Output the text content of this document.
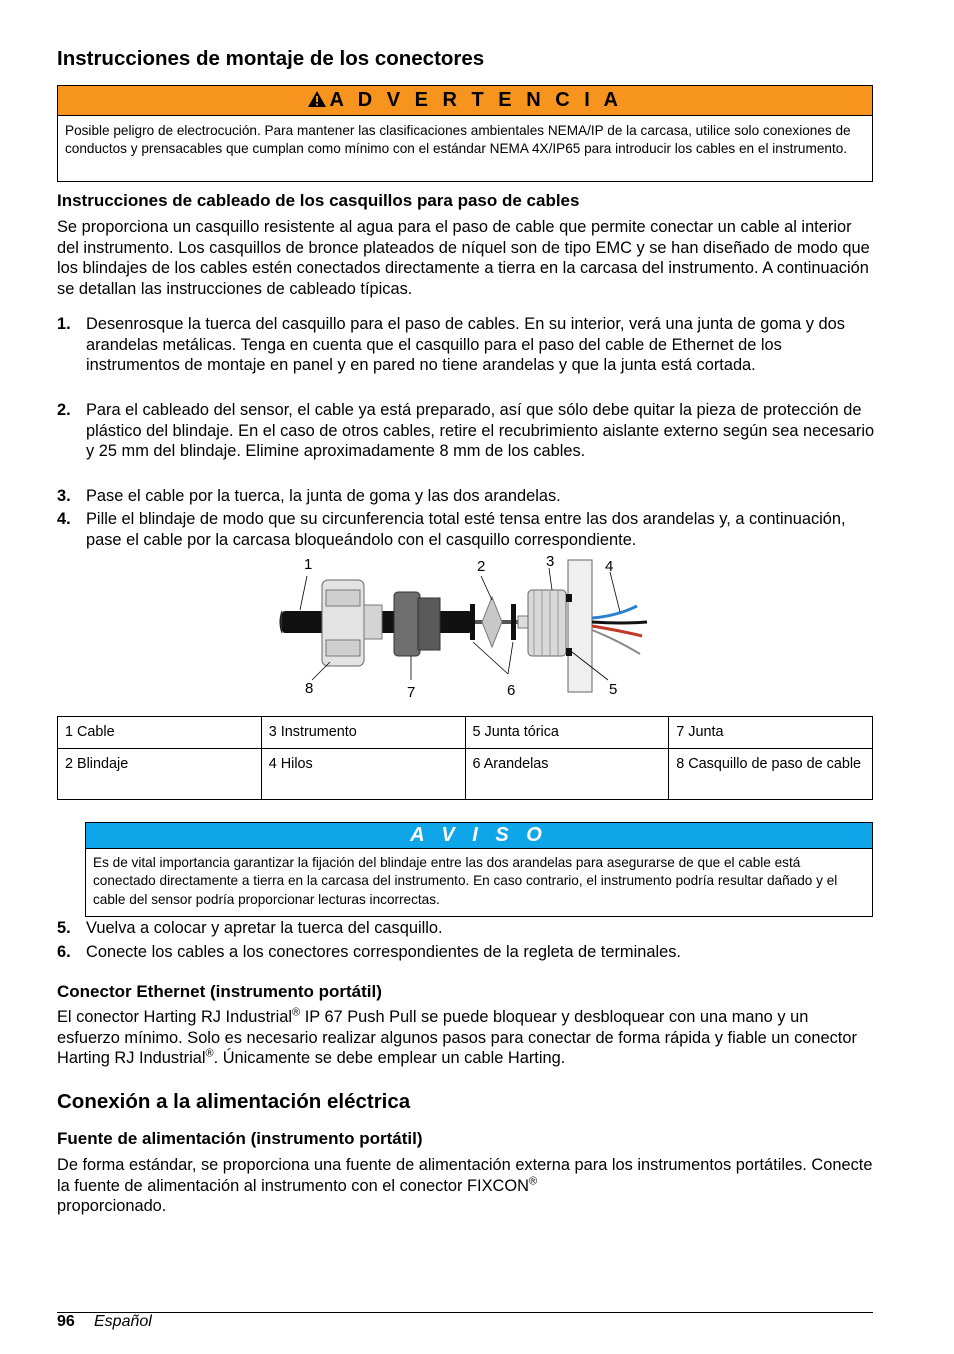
Instrucciones de montaje de los conectores
A D V E R T E N C I A
Posible peligro de electrocución. Para mantener las clasificaciones ambientales NEMA/IP de la carcasa, utilice solo conexiones de conductos y prensacables que cumplan como mínimo con el estándar NEMA 4X/IP65 para introducir los cables en el instrumento.
Instrucciones de cableado de los casquillos para paso de cables

Se proporciona un casquillo resistente al agua para el paso de cable que permite conectar un cable al interior del instrumento. Los casquillos de bronce plateados de níquel son de tipo EMC y se han diseñado de modo que los blindajes de los cables estén conectados directamente a tierra en la carcasa del instrumento. A continuación se detallan las instrucciones de cableado típicas.

1. Desenrosque la tuerca del casquillo para el paso de cables. En su interior, verá una junta de goma y dos arandelas metálicas. Tenga en cuenta que el casquillo para el paso del cable de Ethernet de los instrumentos de montaje en panel y en pared no tiene arandelas y que la junta está cortada.
2. Para el cableado del sensor, el cable ya está preparado, así que sólo debe quitar la pieza de protección de plástico del blindaje. En el caso de otros cables, retire el recubrimiento aislante externo según sea necesario y 25 mm del blindaje. Elimine aproximadamente 8 mm de los cables.
3. Pase el cable por la tuerca, la junta de goma y las dos arandelas.
4. Pille el blindaje de modo que su circunferencia total esté tensa entre las dos arandelas y, a continuación, pase el cable por la carcasa bloqueándolo con el casquillo correspondiente.
1	2	3	4
5
6
7
8
1 Cable	3 Instrumento	5 Junta tórica	7 Junta
2 Blindaje	4 Hilos	6 Arandelas	8 Casquillo de paso de cable
A V I S O
Es de vital importancia garantizar la fijación del blindaje entre las dos arandelas para asegurarse de que el cable está conectado directamente a tierra en la carcasa del instrumento. En caso contrario, el instrumento podría resultar dañado y el cable del sensor podría proporcionar lecturas incorrectas.
5. Vuelva a colocar y apretar la tuerca del casquillo.
6. Conecte los cables a los conectores correspondientes de la regleta de terminales.
Conector Ethernet (instrumento portátil)

El conector Harting RJ Industrial® IP 67 Push Pull se puede bloquear y desbloquear con una mano y un esfuerzo mínimo. Solo es necesario realizar algunos pasos para conectar de forma rápida y fiable un conector Harting RJ Industrial®. Únicamente se debe emplear un cable Harting.

Conexión a la alimentación eléctrica
Fuente de alimentación (instrumento portátil)

De forma estándar, se proporciona una fuente de alimentación externa para los instrumentos portátiles. Conecte la fuente de alimentación al instrumento con el conector FIXCON®
proporcionado.

96 Español
